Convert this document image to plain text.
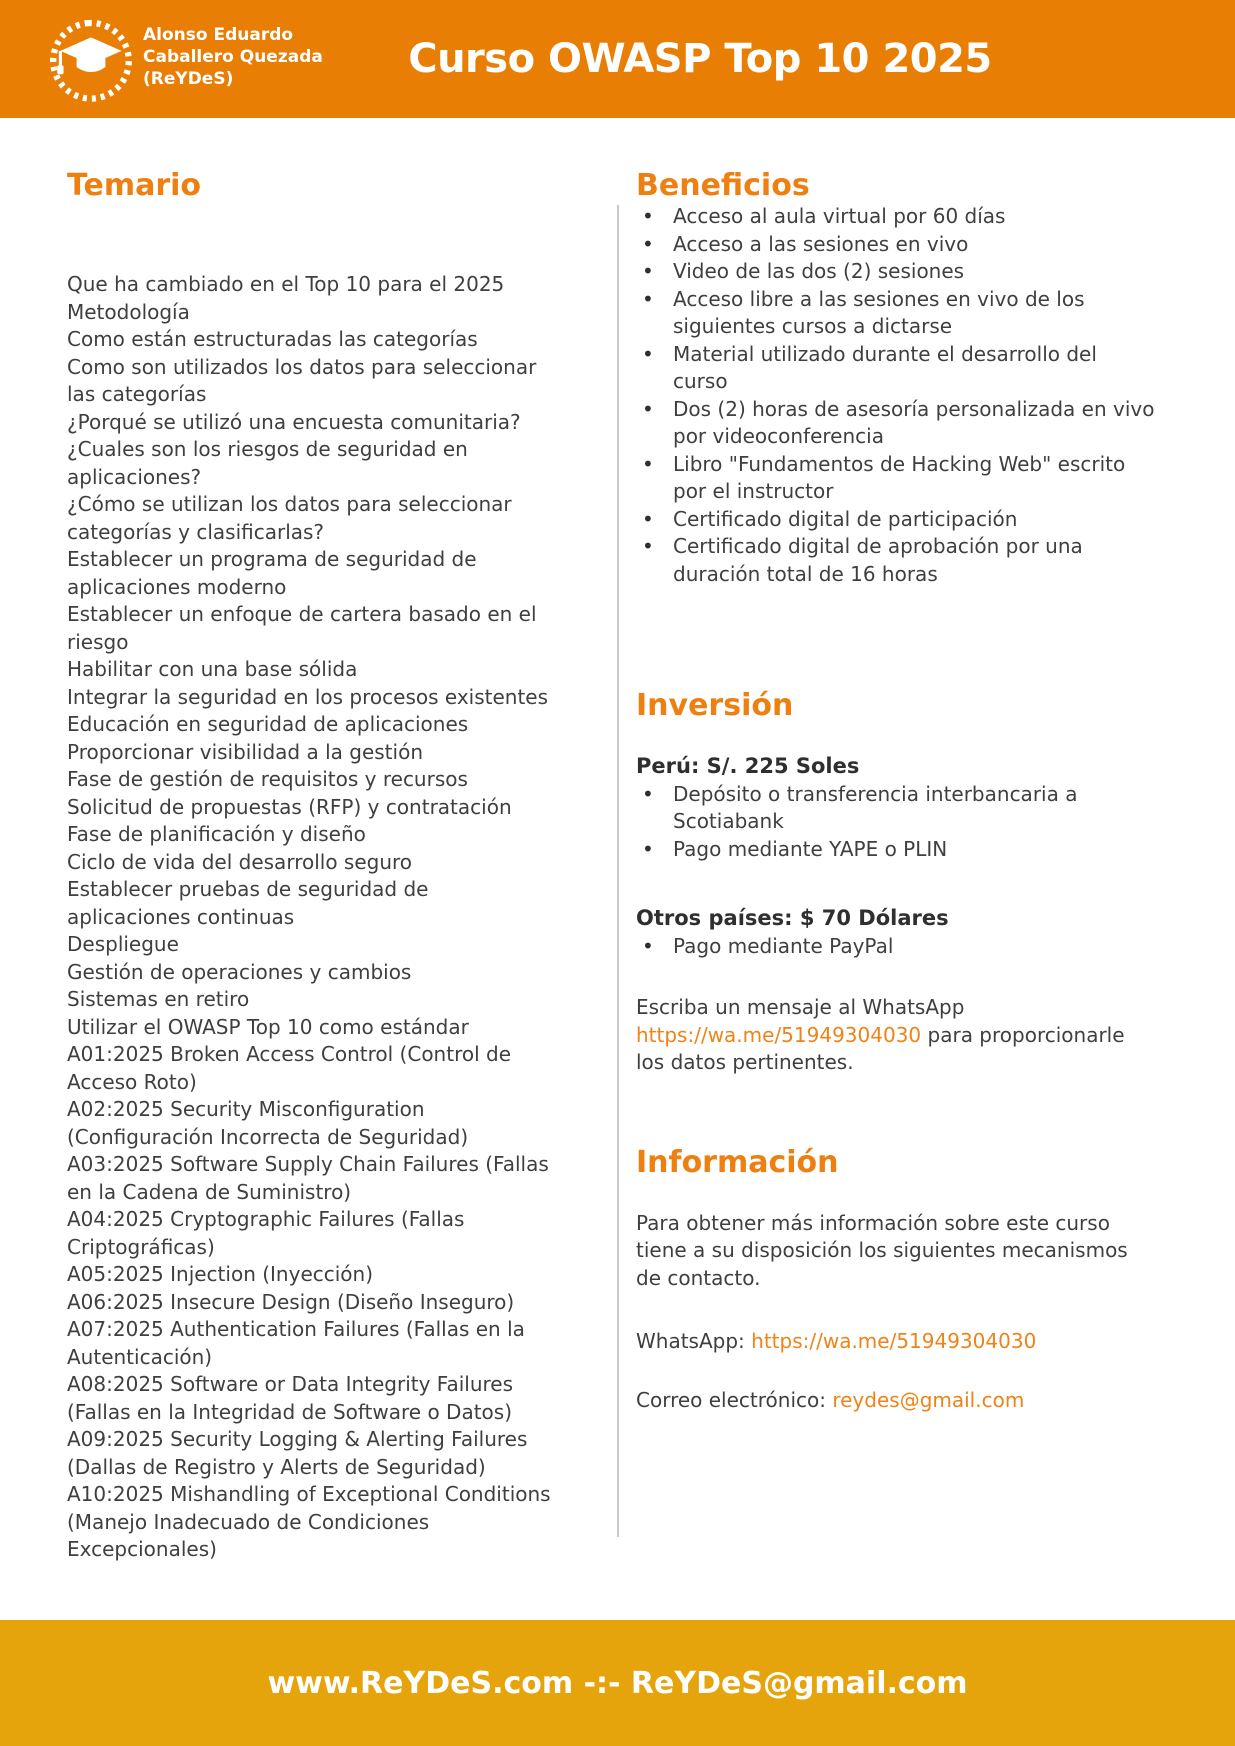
Alonso Eduardo
Caballero Quezada
(ReYDeS)	Curso OWASP Top 10 2025
Temario
Que ha cambiado en el Top 10 para el 2025
Metodología
Como están estructuradas las categorías
Como son utilizados los datos para seleccionar las categorías
¿Porqué se utilizó una encuesta comunitaria?
¿Cuales son los riesgos de seguridad en aplicaciones?
¿Cómo se utilizan los datos para seleccionar categorías y clasificarlas?
Establecer un programa de seguridad de aplicaciones moderno
Establecer un enfoque de cartera basado en el riesgo
Habilitar con una base sólida
Integrar la seguridad en los procesos existentes
Educación en seguridad de aplicaciones
Proporcionar visibilidad a la gestión
Fase de gestión de requisitos y recursos
Solicitud de propuestas (RFP) y contratación
Fase de planificación y diseño
Ciclo de vida del desarrollo seguro
Establecer pruebas de seguridad de aplicaciones continuas
Despliegue
Gestión de operaciones y cambios
Sistemas en retiro
Utilizar el OWASP Top 10 como estándar
A01:2025 Broken Access Control (Control de Acceso Roto)
A02:2025 Security Misconfiguration (Configuración Incorrecta de Seguridad)
A03:2025 Software Supply Chain Failures (Fallas en la Cadena de Suministro)
A04:2025 Cryptographic Failures (Fallas Criptográficas)
A05:2025 Injection (Inyección)
A06:2025 Insecure Design (Diseño Inseguro)
A07:2025 Authentication Failures (Fallas en la Autenticación)
A08:2025 Software or Data Integrity Failures (Fallas en la Integridad de Software o Datos)
A09:2025 Security Logging & Alerting Failures (Dallas de Registro y Alerts de Seguridad)
A10:2025 Mishandling of Exceptional Conditions (Manejo Inadecuado de Condiciones Excepcionales)
Beneficios
• Acceso al aula virtual por 60 días
• Acceso a las sesiones en vivo
• Video de las dos (2) sesiones
• Acceso libre a las sesiones en vivo de los siguientes cursos a dictarse
• Material utilizado durante el desarrollo del curso
• Dos (2) horas de asesoría personalizada en vivo por videoconferencia
• Libro "Fundamentos de Hacking Web" escrito por el instructor
• Certificado digital de participación
• Certificado digital de aprobación por una duración total de 16 horas
Inversión
Perú: S/. 225 Soles
• Depósito o transferencia interbancaria a Scotiabank
• Pago mediante YAPE o PLIN
Otros países: $ 70 Dólares
• Pago mediante PayPal

Escriba un mensaje al WhatsApp https://wa.me/51949304030 para proporcionarle los datos pertinentes.

Información

Para obtener más información sobre este curso tiene a su disposición los siguientes mecanismos de contacto.

WhatsApp: https://wa.me/51949304030
Correo electrónico: reydes@gmail.com
www.ReYDeS.com -:- ReYDeS@gmail.com
